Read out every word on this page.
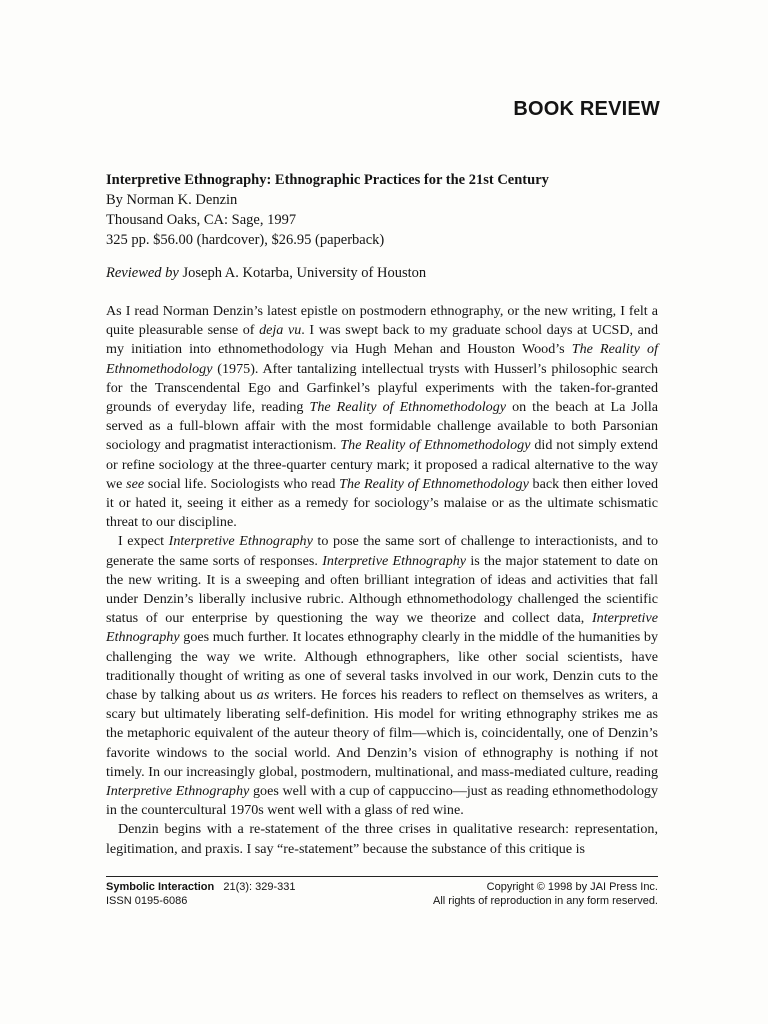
BOOK REVIEW
Interpretive Ethnography: Ethnographic Practices for the 21st Century
By Norman K. Denzin
Thousand Oaks, CA: Sage, 1997
325 pp. $56.00 (hardcover), $26.95 (paperback)
Reviewed by Joseph A. Kotarba, University of Houston

As I read Norman Denzin’s latest epistle on postmodern ethnography, or the new writing, I felt a quite pleasurable sense of deja vu. I was swept back to my graduate school days at UCSD, and my initiation into ethnomethodology via Hugh Mehan and Houston Wood’s The Reality of Ethnomethodology (1975). After tantalizing intellectual trysts with Husserl’s philosophic search for the Transcendental Ego and Garfinkel’s playful experiments with the taken-for-granted grounds of everyday life, reading The Reality of Ethnomethodology on the beach at La Jolla served as a full-blown affair with the most formidable challenge available to both Parsonian sociology and pragmatist interactionism. The Reality of Ethnomethodology did not simply extend or refine sociology at the three-quarter century mark; it proposed a radical alternative to the way we see social life. Sociologists who read The Reality of Ethnomethodology back then either loved it or hated it, seeing it either as a remedy for sociology’s malaise or as the ultimate schismatic threat to our discipline.

I expect Interpretive Ethnography to pose the same sort of challenge to interactionists, and to generate the same sorts of responses. Interpretive Ethnography is the major statement to date on the new writing. It is a sweeping and often brilliant integration of ideas and activities that fall under Denzin’s liberally inclusive rubric. Although ethnomethodology challenged the scientific status of our enterprise by questioning the way we theorize and collect data, Interpretive Ethnography goes much further. It locates ethnography clearly in the middle of the humanities by challenging the way we write. Although ethnographers, like other social scientists, have traditionally thought of writing as one of several tasks involved in our work, Denzin cuts to the chase by talking about us as writers. He forces his readers to reflect on themselves as writers, a scary but ultimately liberating self-definition. His model for writing ethnography strikes me as the metaphoric equivalent of the auteur theory of film—which is, coincidentally, one of Denzin’s favorite windows to the social world. And Denzin’s vision of ethnography is nothing if not timely. In our increasingly global, postmodern, multinational, and mass-mediated culture, reading Interpretive Ethnography goes well with a cup of cappuccino—just as reading ethnomethodology in the countercultural 1970s went well with a glass of red wine.

Denzin begins with a re-statement of the three crises in qualitative research: representation, legitimation, and praxis. I say “re-statement” because the substance of this critique is

Symbolic Interaction 21(3): 329-331
ISSN 0195-6086
Copyright © 1998 by JAI Press Inc.
All rights of reproduction in any form reserved.
